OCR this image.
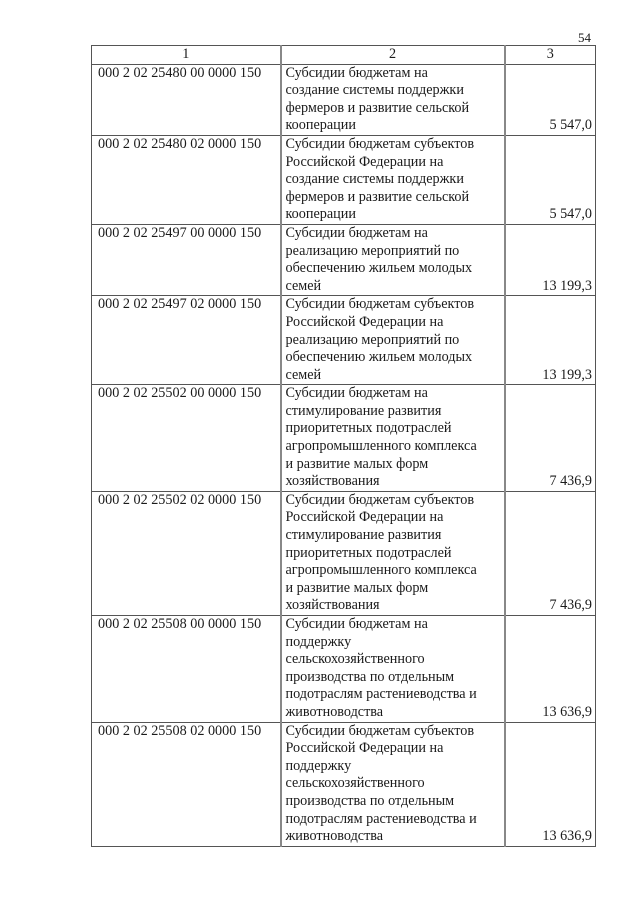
54
1	2	3
000 2 02 25480 00 0000 150	Субсидии бюджетам на
создание системы поддержки
фермеров и развитие сельской
кооперации	5 547,0
000 2 02 25480 02 0000 150	Субсидии бюджетам субъектов
Российской Федерации на
создание системы поддержки
фермеров и развитие сельской
кооперации	5 547,0
000 2 02 25497 00 0000 150	Субсидии бюджетам на
реализацию мероприятий по
обеспечению жильем молодых
семей	13 199,3
000 2 02 25497 02 0000 150	Субсидии бюджетам субъектов
Российской Федерации на
реализацию мероприятий по
обеспечению жильем молодых
семей	13 199,3
000 2 02 25502 00 0000 150	Субсидии бюджетам на
стимулирование развития
приоритетных подотраслей
агропромышленного комплекса
и развитие малых форм
хозяйствования	7 436,9
000 2 02 25502 02 0000 150	Субсидии бюджетам субъектов
Российской Федерации на
стимулирование развития
приоритетных подотраслей
агропромышленного комплекса
и развитие малых форм
хозяйствования	7 436,9
000 2 02 25508 00 0000 150	Субсидии бюджетам на
поддержку
сельскохозяйственного
производства по отдельным
подотраслям растениеводства и
животноводства	13 636,9
000 2 02 25508 02 0000 150	Субсидии бюджетам субъектов
Российской Федерации на
поддержку
сельскохозяйственного
производства по отдельным
подотраслям растениеводства и
животноводства	13 636,9
